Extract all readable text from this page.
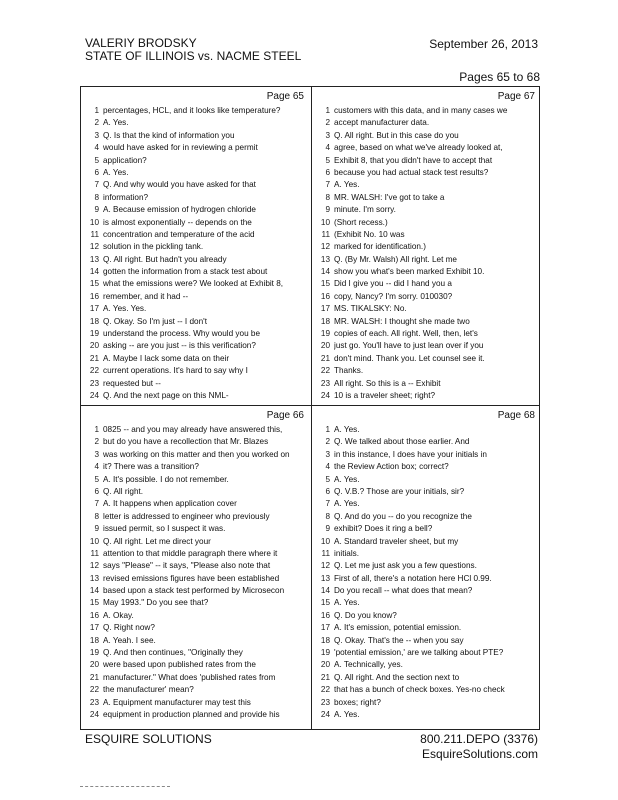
VALERIY BRODSKY
STATE OF ILLINOIS vs. NACME STEEL
September 26, 2013
Pages 65 to 68
Page 65
1 percentages, HCL, and it looks like temperature?
2 A. Yes.
3 Q. Is that the kind of information you
4 would have asked for in reviewing a permit
5 application?
6 A. Yes.
7 Q. And why would you have asked for that
8 information?
9 A. Because emission of hydrogen chloride
10 is almost exponentially -- depends on the
11 concentration and temperature of the acid
12 solution in the pickling tank.
13 Q. All right. But hadn't you already
14 gotten the information from a stack test about
15 what the emissions were? We looked at Exhibit 8,
16 remember, and it had --
17 A. Yes. Yes.
18 Q. Okay. So I'm just -- I don't
19 understand the process. Why would you be
20 asking -- are you just -- is this verification?
21 A. Maybe I lack some data on their
22 current operations. It's hard to say why I
23 requested but --
24 Q. And the next page on this NML-
Page 67
1 customers with this data, and in many cases we
2 accept manufacturer data.
3 Q. All right. But in this case do you
4 agree, based on what we've already looked at,
5 Exhibit 8, that you didn't have to accept that
6 because you had actual stack test results?
7 A. Yes.
8 MR. WALSH: I've got to take a
9 minute. I'm sorry.
10 (Short recess.)
11 (Exhibit No. 10 was
12 marked for identification.)
13 Q. (By Mr. Walsh) All right. Let me
14 show you what's been marked Exhibit 10.
15 Did I give you -- did I hand you a
16 copy, Nancy? I'm sorry. 010030?
17 MS. TIKALSKY: No.
18 MR. WALSH: I thought she made two
19 copies of each. All right. Well, then, let's
20 just go. You'll have to just lean over if you
21 don't mind. Thank you. Let counsel see it.
22 Thanks.
23 All right. So this is a -- Exhibit
24 10 is a traveler sheet; right?
Page 66
1 0825 -- and you may already have answered this,
2 but do you have a recollection that Mr. Blazes
3 was working on this matter and then you worked on
4 it? There was a transition?
5 A. It's possible. I do not remember.
6 Q. All right.
7 A. It happens when application cover
8 letter is addressed to engineer who previously
9 issued permit, so I suspect it was.
10 Q. All right. Let me direct your
11 attention to that middle paragraph there where it
12 says "Please" -- it says, "Please also note that
13 revised emissions figures have been established
14 based upon a stack test performed by Microsecon
15 May 1993." Do you see that?
16 A. Okay.
17 Q. Right now?
18 A. Yeah. I see.
19 Q. And then continues, "Originally they
20 were based upon published rates from the
21 manufacturer." What does 'published rates from
22 the manufacturer' mean?
23 A. Equipment manufacturer may test this
24 equipment in production planned and provide his
Page 68
1 A. Yes.
2 Q. We talked about those earlier. And
3 in this instance, I does have your initials in
4 the Review Action box; correct?
5 A. Yes.
6 Q. V.B.? Those are your initials, sir?
7 A. Yes.
8 Q. And do you -- do you recognize the
9 exhibit? Does it ring a bell?
10 A. Standard traveler sheet, but my
11 initials.
12 Q. Let me just ask you a few questions.
13 First of all, there's a notation here HCl 0.99.
14 Do you recall -- what does that mean?
15 A. Yes.
16 Q. Do you know?
17 A. It's emission, potential emission.
18 Q. Okay. That's the -- when you say
19 'potential emission,' are we talking about PTE?
20 A. Technically, yes.
21 Q. All right. And the section next to
22 that has a bunch of check boxes. Yes-no check
23 boxes; right?
24 A. Yes.
ESQUIRE SOLUTIONS	800.211.DEPO (3376)
EsquireSolutions.com
